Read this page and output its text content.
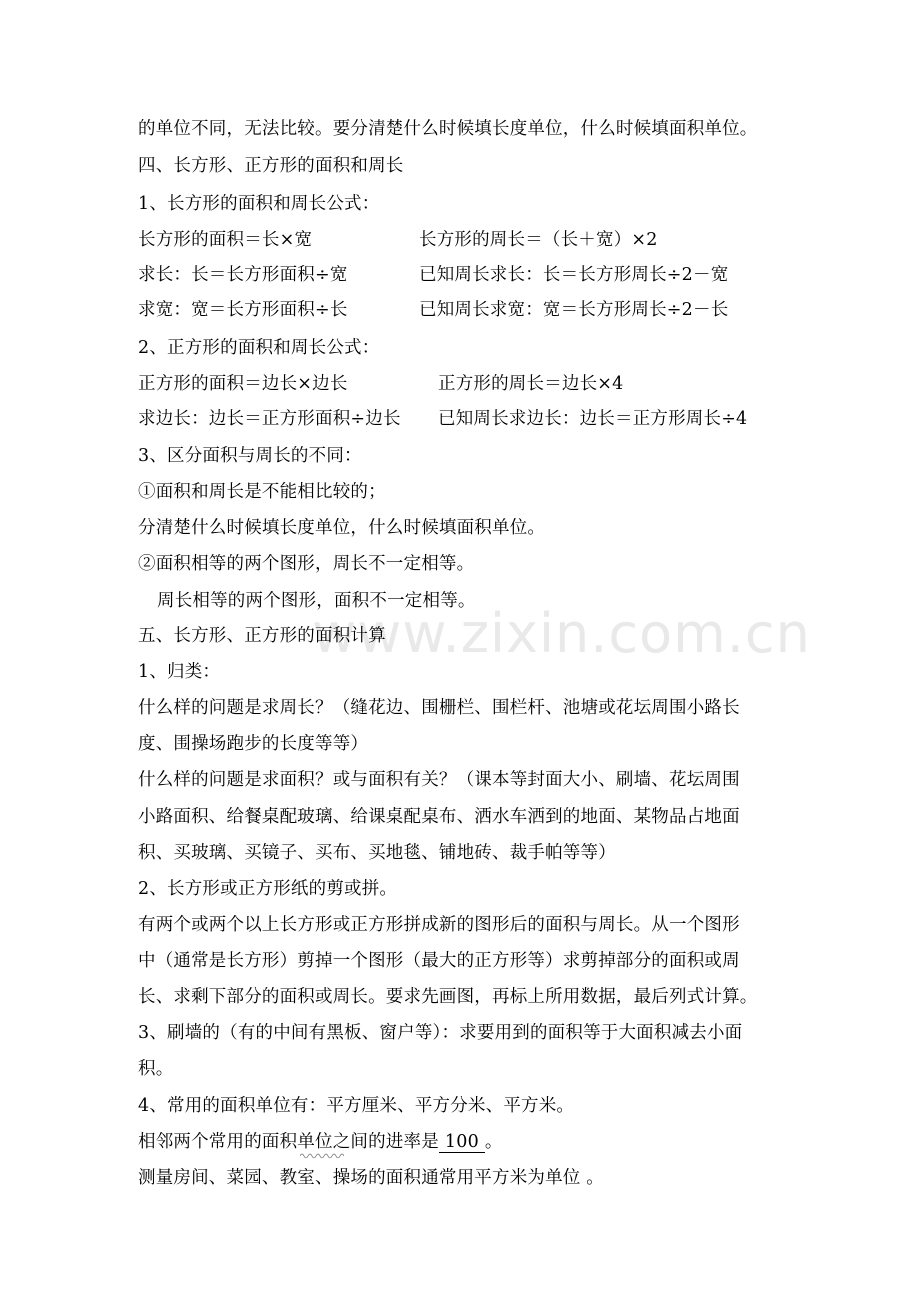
www.zixin.com.cn
的单位不同，无法比较。要分清楚什么时候填长度单位，什么时候填面积单位。
四、长方形、正方形的面积和周长
1、长方形的面积和周长公式：
长方形的面积＝长×宽	长方形的周长＝（长＋宽）×2
求长：长＝长方形面积÷宽	已知周长求长：长＝长方形周长÷2－宽
求宽：宽＝长方形面积÷长	已知周长求宽：宽＝长方形周长÷2－长
2、正方形的面积和周长公式：
正方形的面积＝边长×边长	正方形的周长＝边长×4
求边长：边长＝正方形面积÷边长 已知周长求边长：边长＝正方形周长÷4
3、区分面积与周长的不同：
①面积和周长是不能相比较的；
分清楚什么时候填长度单位，什么时候填面积单位。
②面积相等的两个图形，周长不一定相等。
周长相等的两个图形，面积不一定相等。
五、长方形、正方形的面积计算
1、归类：
什么样的问题是求周长？（缝花边、围栅栏、围栏杆、池塘或花坛周围小路长
度、围操场跑步的长度等等）
什么样的问题是求面积？或与面积有关？（课本等封面大小、刷墙、花坛周围
小路面积、给餐桌配玻璃、给课桌配桌布、洒水车洒到的地面、某物品占地面
积、买玻璃、买镜子、买布、买地毯、铺地砖、裁手帕等等）
2、长方形或正方形纸的剪或拼。
有两个或两个以上长方形或正方形拼成新的图形后的面积与周长。从一个图形
中（通常是长方形）剪掉一个图形（最大的正方形等）求剪掉部分的面积或周
长、求剩下部分的面积或周长。要求先画图，再标上所用数据，最后列式计算。
3、刷墙的（有的中间有黑板、窗户等）：求要用到的面积等于大面积减去小面
积。
4、常用的面积单位有：平方厘米、平方分米、平方米。
相邻两个常用的面积单位之间的进率是 100 。
测量房间、菜园、教室、操场的面积通常用平方米为单位 。
